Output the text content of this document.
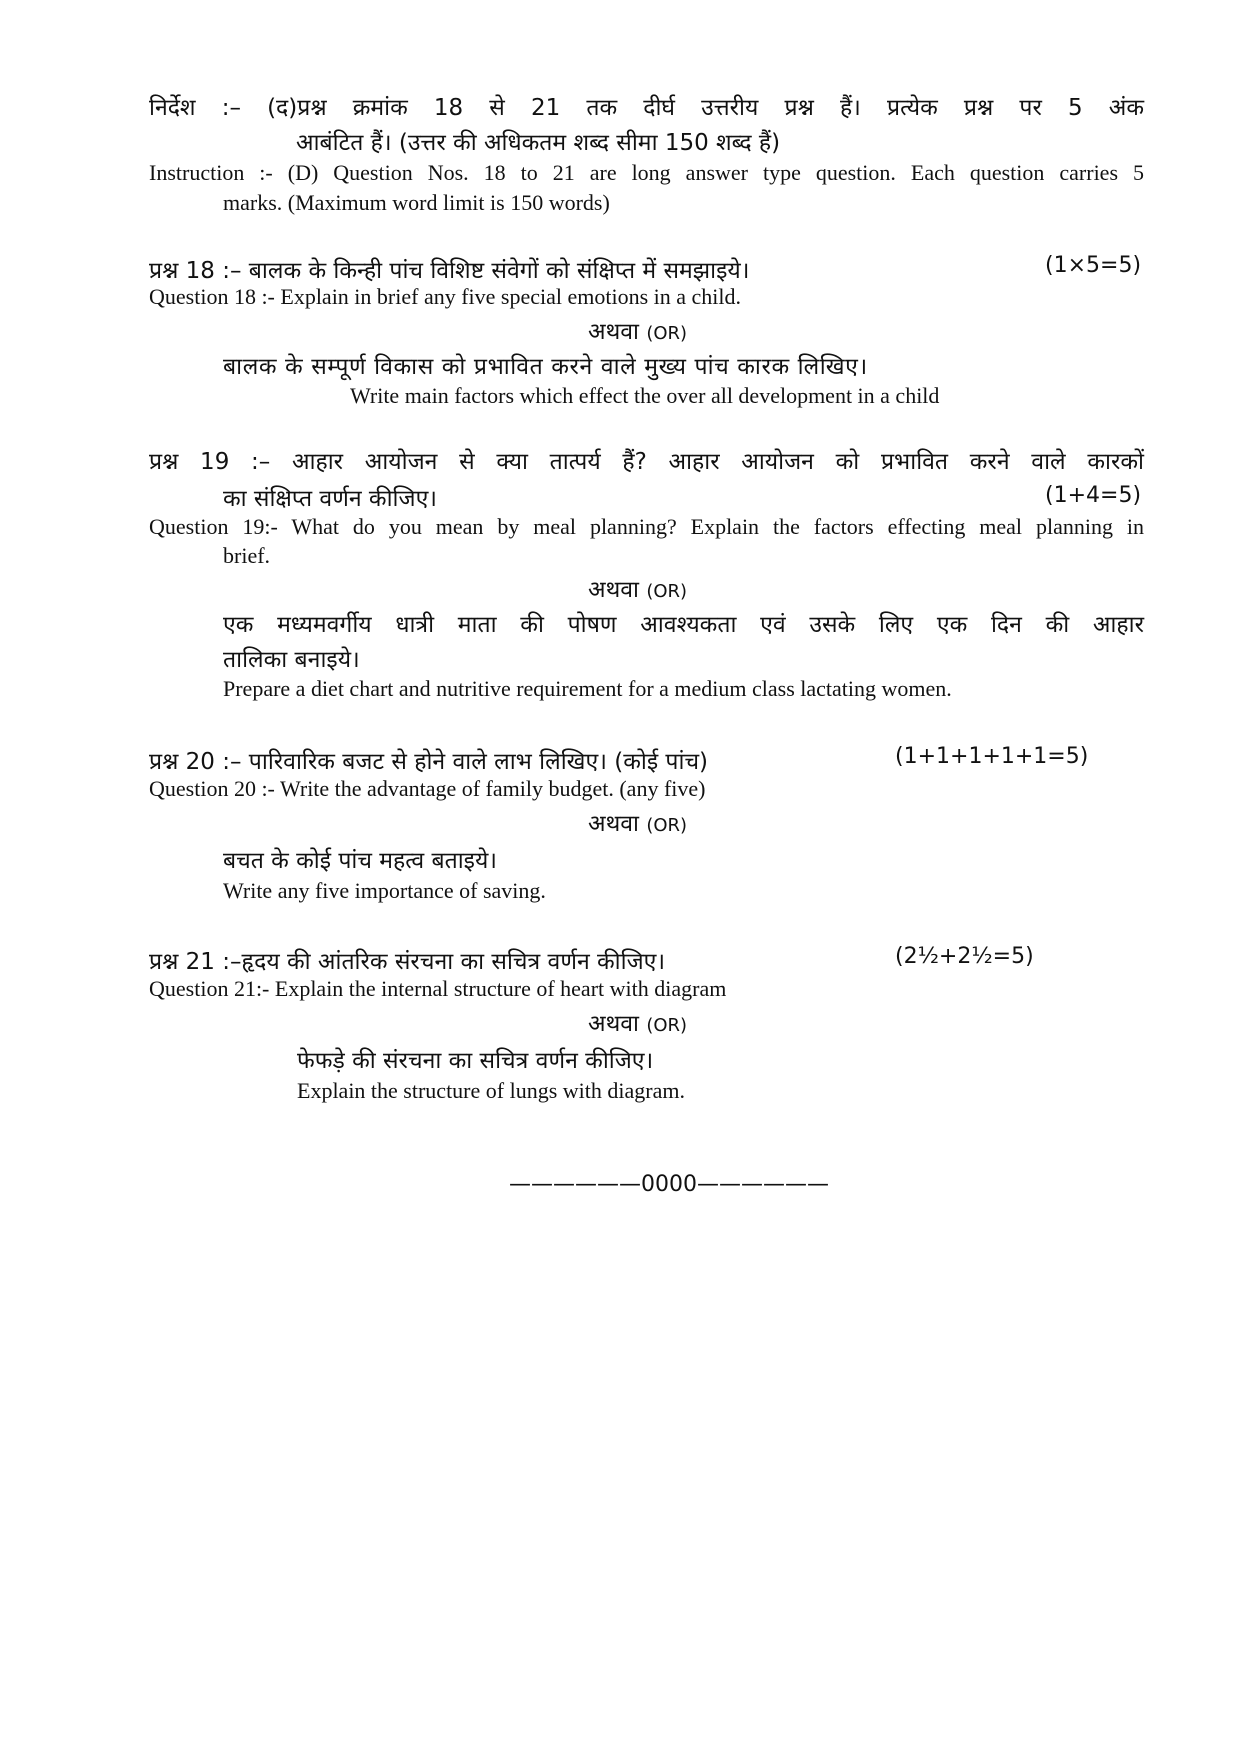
निर्देश :– (द)प्रश्न क्रमांक 18 से 21 तक दीर्घ उत्तरीय प्रश्न हैं। प्रत्येक प्रश्न पर 5 अंक
आबंटित हैं। (उत्तर की अधिकतम शब्द सीमा 150 शब्द हैं)
Instruction :- (D) Question Nos. 18 to 21 are long answer type question. Each question carries 5
marks. (Maximum word limit is 150 words)
प्रश्न 18 :– बालक के किन्ही पांच विशिष्ट संवेगों को संक्षिप्त में समझाइये।	(1×5=5)
Question 18 :- Explain in brief any five special emotions in a child.
अथवा (OR)
बालक के सम्पूर्ण विकास को प्रभावित करने वाले मुख्य पांच कारक लिखिए।
Write main factors which effect the over all development in a child
प्रश्न 19 :– आहार आयोजन से क्या तात्पर्य हैं? आहार आयोजन को प्रभावित करने वाले कारकों
का संक्षिप्त वर्णन कीजिए।	(1+4=5)
Question 19:- What do you mean by meal planning? Explain the factors effecting meal planning in
brief.
अथवा (OR)
एक मध्यमवर्गीय धात्री माता की पोषण आवश्यकता एवं उसके लिए एक दिन की आहार
तालिका बनाइये।
Prepare a diet chart and nutritive requirement for a medium class lactating women.
प्रश्न 20 :– पारिवारिक बजट से होने वाले लाभ लिखिए। (कोई पांच)	(1+1+1+1+1=5)
Question 20 :- Write the advantage of family budget. (any five)
अथवा (OR)
बचत के कोई पांच महत्व बताइये।
Write any five importance of saving.
प्रश्न 21 :–हृदय की आंतरिक संरचना का सचित्र वर्णन कीजिए।	(2½+2½=5)
Question 21:- Explain the internal structure of heart with diagram
अथवा (OR)
फेफड़े की संरचना का सचित्र वर्णन कीजिए।
Explain the structure of lungs with diagram.
——————0000——————
